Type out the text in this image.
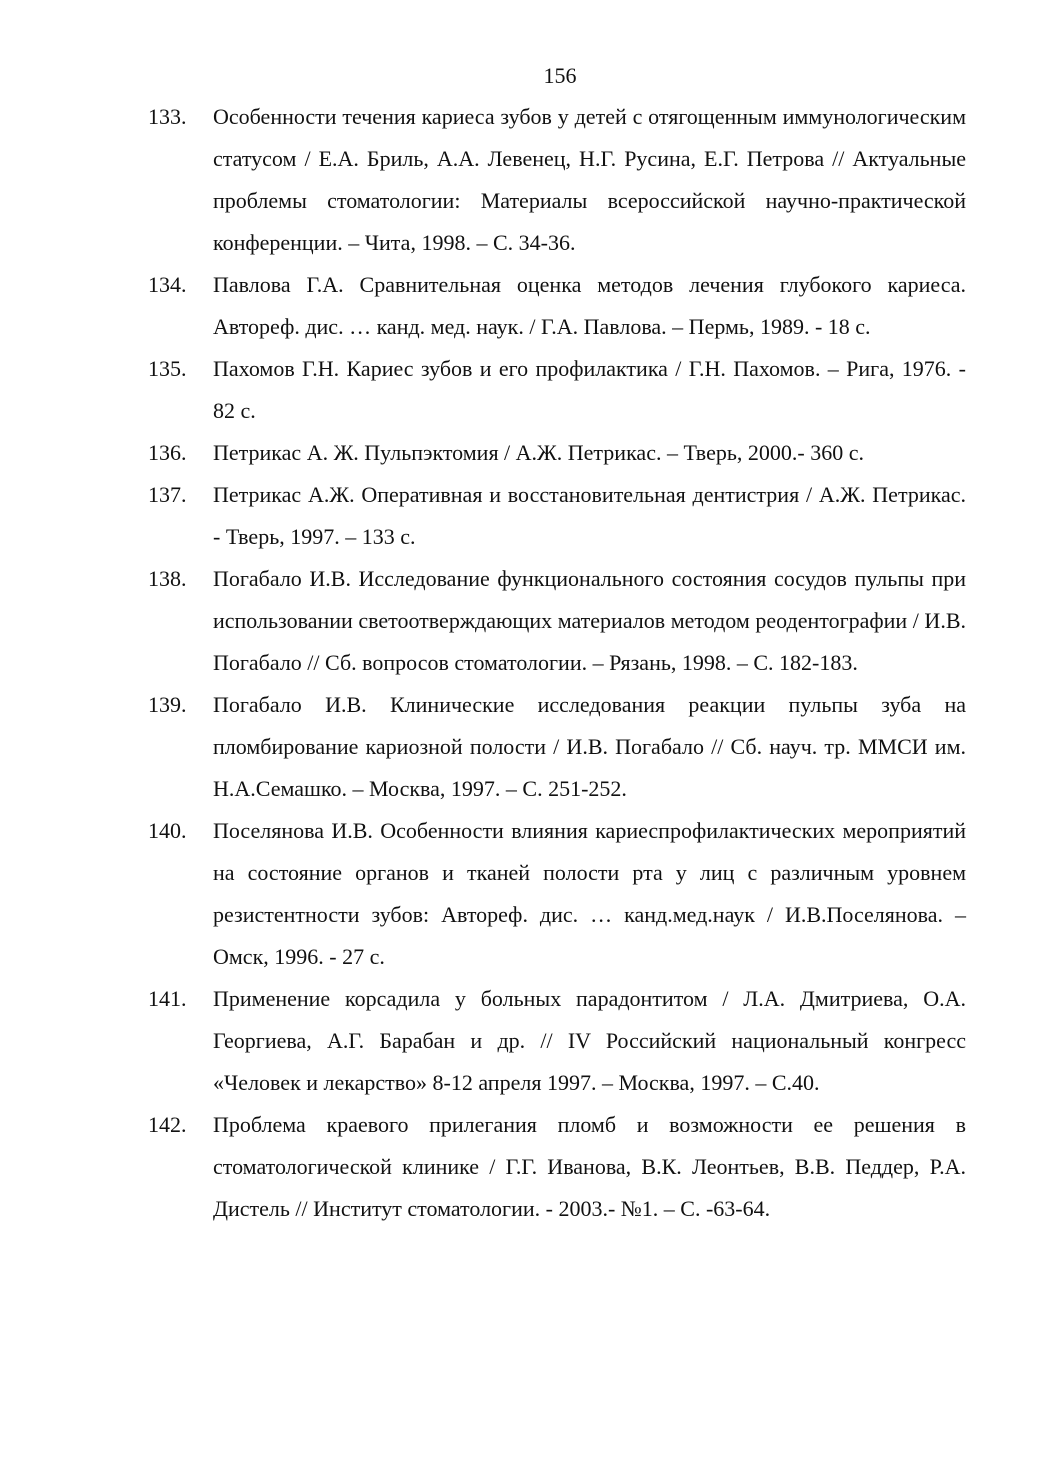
156
133.	Особенности течения кариеса зубов у детей с отягощенным иммунологическим статусом / Е.А. Бриль, А.А. Левенец, Н.Г. Русина, Е.Г. Петрова // Актуальные проблемы стоматологии: Материалы всероссийской научно-практической конференции. – Чита, 1998. – С. 34-36.
134.	Павлова Г.А. Сравнительная оценка методов лечения глубокого кариеса. Автореф. дис. … канд. мед. наук. / Г.А. Павлова. – Пермь, 1989. - 18 с.
135.	Пахомов Г.Н. Кариес зубов и его профилактика / Г.Н. Пахомов. – Рига, 1976. - 82 с.
136.	Петрикас А. Ж. Пульпэктомия / А.Ж. Петрикас. – Тверь, 2000.- 360 с.
137.	Петрикас А.Ж. Оперативная и восстановительная дентистрия / А.Ж. Петрикас. - Тверь, 1997. – 133 с.
138.	Погабало И.В. Исследование функционального состояния сосудов пульпы при использовании светоотверждающих материалов методом реодентографии / И.В. Погабало // Сб. вопросов стоматологии. – Рязань, 1998. – С. 182-183.
139.	Погабало И.В. Клинические исследования реакции пульпы зуба на пломбирование кариозной полости / И.В. Погабало // Сб. науч. тр. ММСИ им. Н.А.Семашко. – Москва, 1997. – С. 251-252.
140.	Поселянова И.В. Особенности влияния кариеспрофилактических мероприятий на состояние органов и тканей полости рта у лиц с различным уровнем резистентности зубов: Автореф. дис. … канд.мед.наук / И.В.Поселянова. – Омск, 1996. - 27 с.
141.	Применение корсадила у больных парадонтитом / Л.А. Дмитриева, О.А. Георгиева, А.Г. Барабан и др. // IV Российский национальный конгресс «Человек и лекарство» 8-12 апреля 1997. – Москва, 1997. – С.40.
142.	Проблема краевого прилегания пломб и возможности ее решения в стоматологической клинике / Г.Г. Иванова, В.К. Леонтьев, В.В. Педдер, Р.А. Дистель // Институт стоматологии. - 2003.- №1. – С. -63-64.
